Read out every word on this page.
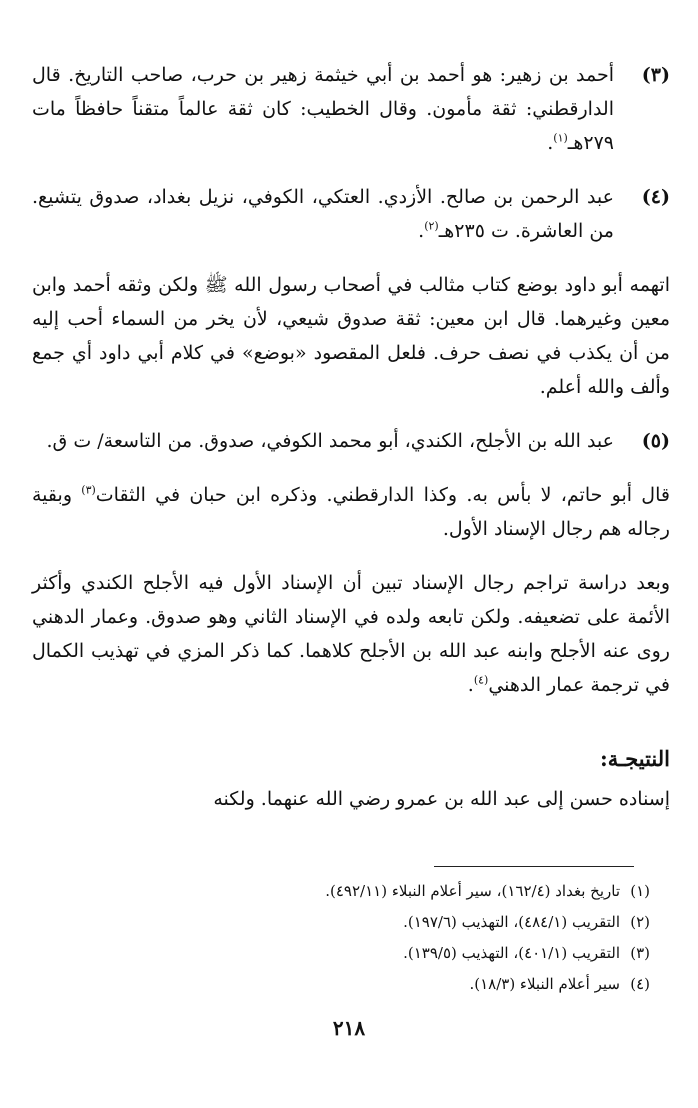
(٣)
أحمد بن زهير: هو أحمد بن أبي خيثمة زهير بن حرب، صاحب التاريخ. قال الدارقطني: ثقة مأمون. وقال الخطيب: كان ثقة عالماً متقناً حافظاً مات ٢٧٩هـ$^{(١)}$.
(٤)
عبد الرحمن بن صالح. الأزدي. العتكي، الكوفي، نزيل بغداد، صدوق يتشيع. من العاشرة. ت ٢٣٥هـ$^{(٢)}$.

اتهمه أبو داود بوضع كتاب مثالب في أصحاب رسول الله ﷺ ولكن وثقه أحمد وابن معين وغيرهما. قال ابن معين: ثقة صدوق شيعي، لأن يخر من السماء أحب إليه من أن يكذب في نصف حرف. فلعل المقصود «بوضع» في كلام أبي داود أي جمع وألف والله أعلم.

(٥)
عبد الله بن الأجلح، الكندي، أبو محمد الكوفي، صدوق. من التاسعة/ ت ق.

قال أبو حاتم، لا بأس به. وكذا الدارقطني. وذكره ابن حبان في الثقات$^{(٣)}$ وبقية رجاله هم رجال الإسناد الأول.

وبعد دراسة تراجم رجال الإسناد تبين أن الإسناد الأول فيه الأجلح الكندي وأكثر الأئمة على تضعيفه. ولكن تابعه ولده في الإسناد الثاني وهو صدوق. وعمار الدهني روى عنه الأجلح وابنه عبد الله بن الأجلح كلاهما. كما ذكر المزي في تهذيب الكمال في ترجمة عمار الدهني$^{(٤)}$.

النتيجـة:

إسناده حسن إلى عبد الله بن عمرو رضي الله عنهما. ولكنه

(١)
تاريخ بغداد (١٦٢/٤)، سير أعلام النبلاء (٤٩٢/١١).
(٢)
التقريب (٤٨٤/١)، التهذيب (١٩٧/٦).
(٣)
التقريب (٤٠١/١)، التهذيب (١٣٩/٥).
(٤)
سير أعلام النبلاء (١٨/٣).
٢١٨
